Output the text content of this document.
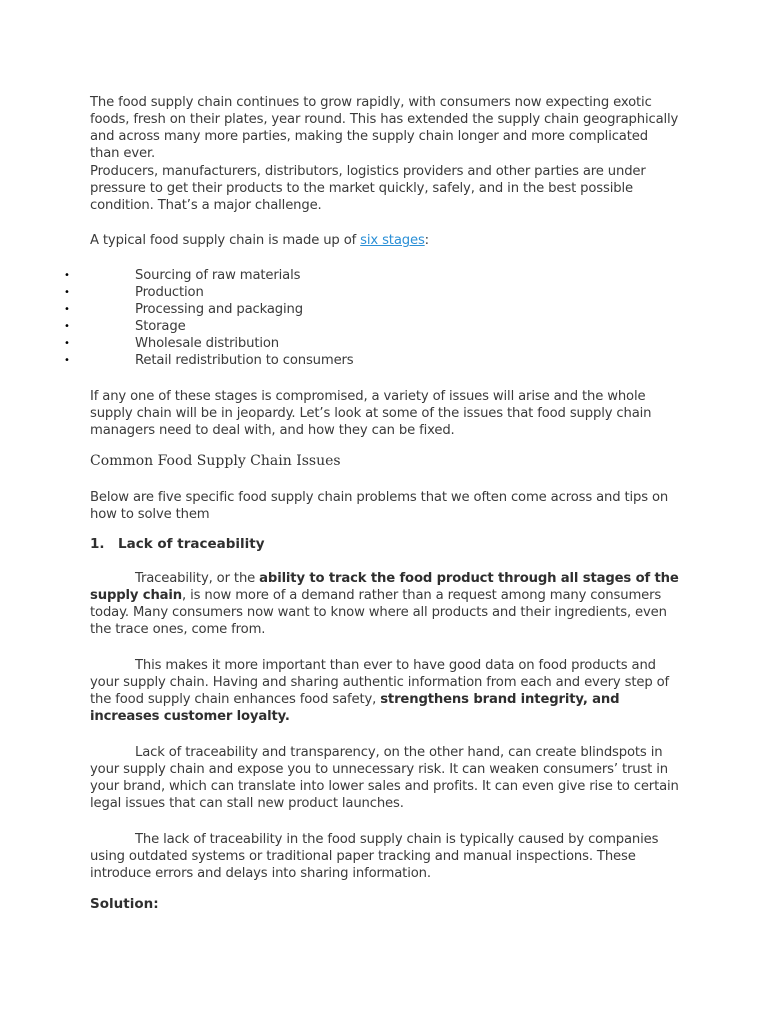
The food supply chain continues to grow rapidly, with consumers now expecting exotic foods, fresh on their plates, year round. This has extended the supply chain geographically and across many more parties, making the supply chain longer and more complicated than ever.

Producers, manufacturers, distributors, logistics providers and other parties are under pressure to get their products to the market quickly, safely, and in the best possible condition. That’s a major challenge.

A typical food supply chain is made up of six stages:

•	Sourcing of raw materials
•	Production
•	Processing and packaging
•	Storage
•	Wholesale distribution
•	Retail redistribution to consumers

If any one of these stages is compromised, a variety of issues will arise and the whole supply chain will be in jeopardy. Let’s look at some of the issues that food supply chain managers need to deal with, and how they can be fixed.

Common Food Supply Chain Issues

Below are five specific food supply chain problems that we often come across and tips on how to solve them

1. Lack of traceability

Traceability, or the ability to track the food product through all stages of the supply chain, is now more of a demand rather than a request among many consumers today. Many consumers now want to know where all products and their ingredients, even the trace ones, come from.

This makes it more important than ever to have good data on food products and your supply chain. Having and sharing authentic information from each and every step of the food supply chain enhances food safety, strengthens brand integrity, and increases customer loyalty.

Lack of traceability and transparency, on the other hand, can create blindspots in your supply chain and expose you to unnecessary risk. It can weaken consumers’ trust in your brand, which can translate into lower sales and profits. It can even give rise to certain legal issues that can stall new product launches.

The lack of traceability in the food supply chain is typically caused by companies using outdated systems or traditional paper tracking and manual inspections. These introduce errors and delays into sharing information.

Solution:
